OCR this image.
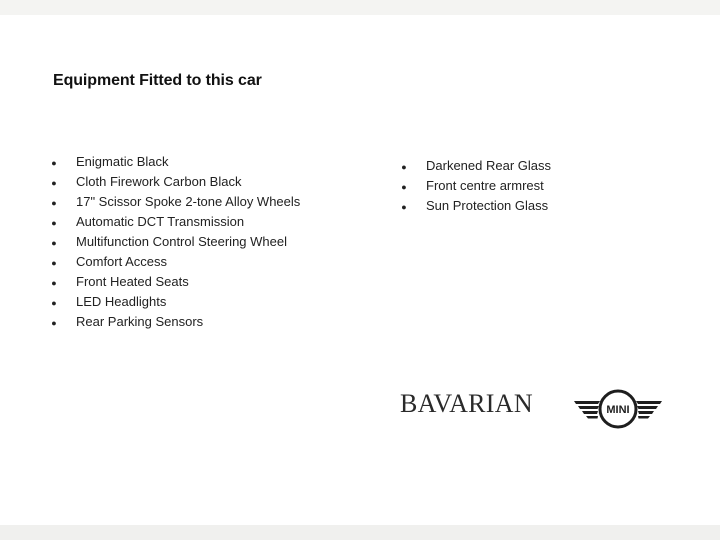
Equipment Fitted to this car
● Enigmatic Black
● Cloth Firework Carbon Black
● 17" Scissor Spoke 2-tone Alloy Wheels
● Automatic DCT Transmission
● Multifunction Control Steering Wheel
● Comfort Access
● Front Heated Seats
● LED Headlights
● Rear Parking Sensors
● Darkened Rear Glass
● Front centre armrest
● Sun Protection Glass
BAVARIAN	MINI
